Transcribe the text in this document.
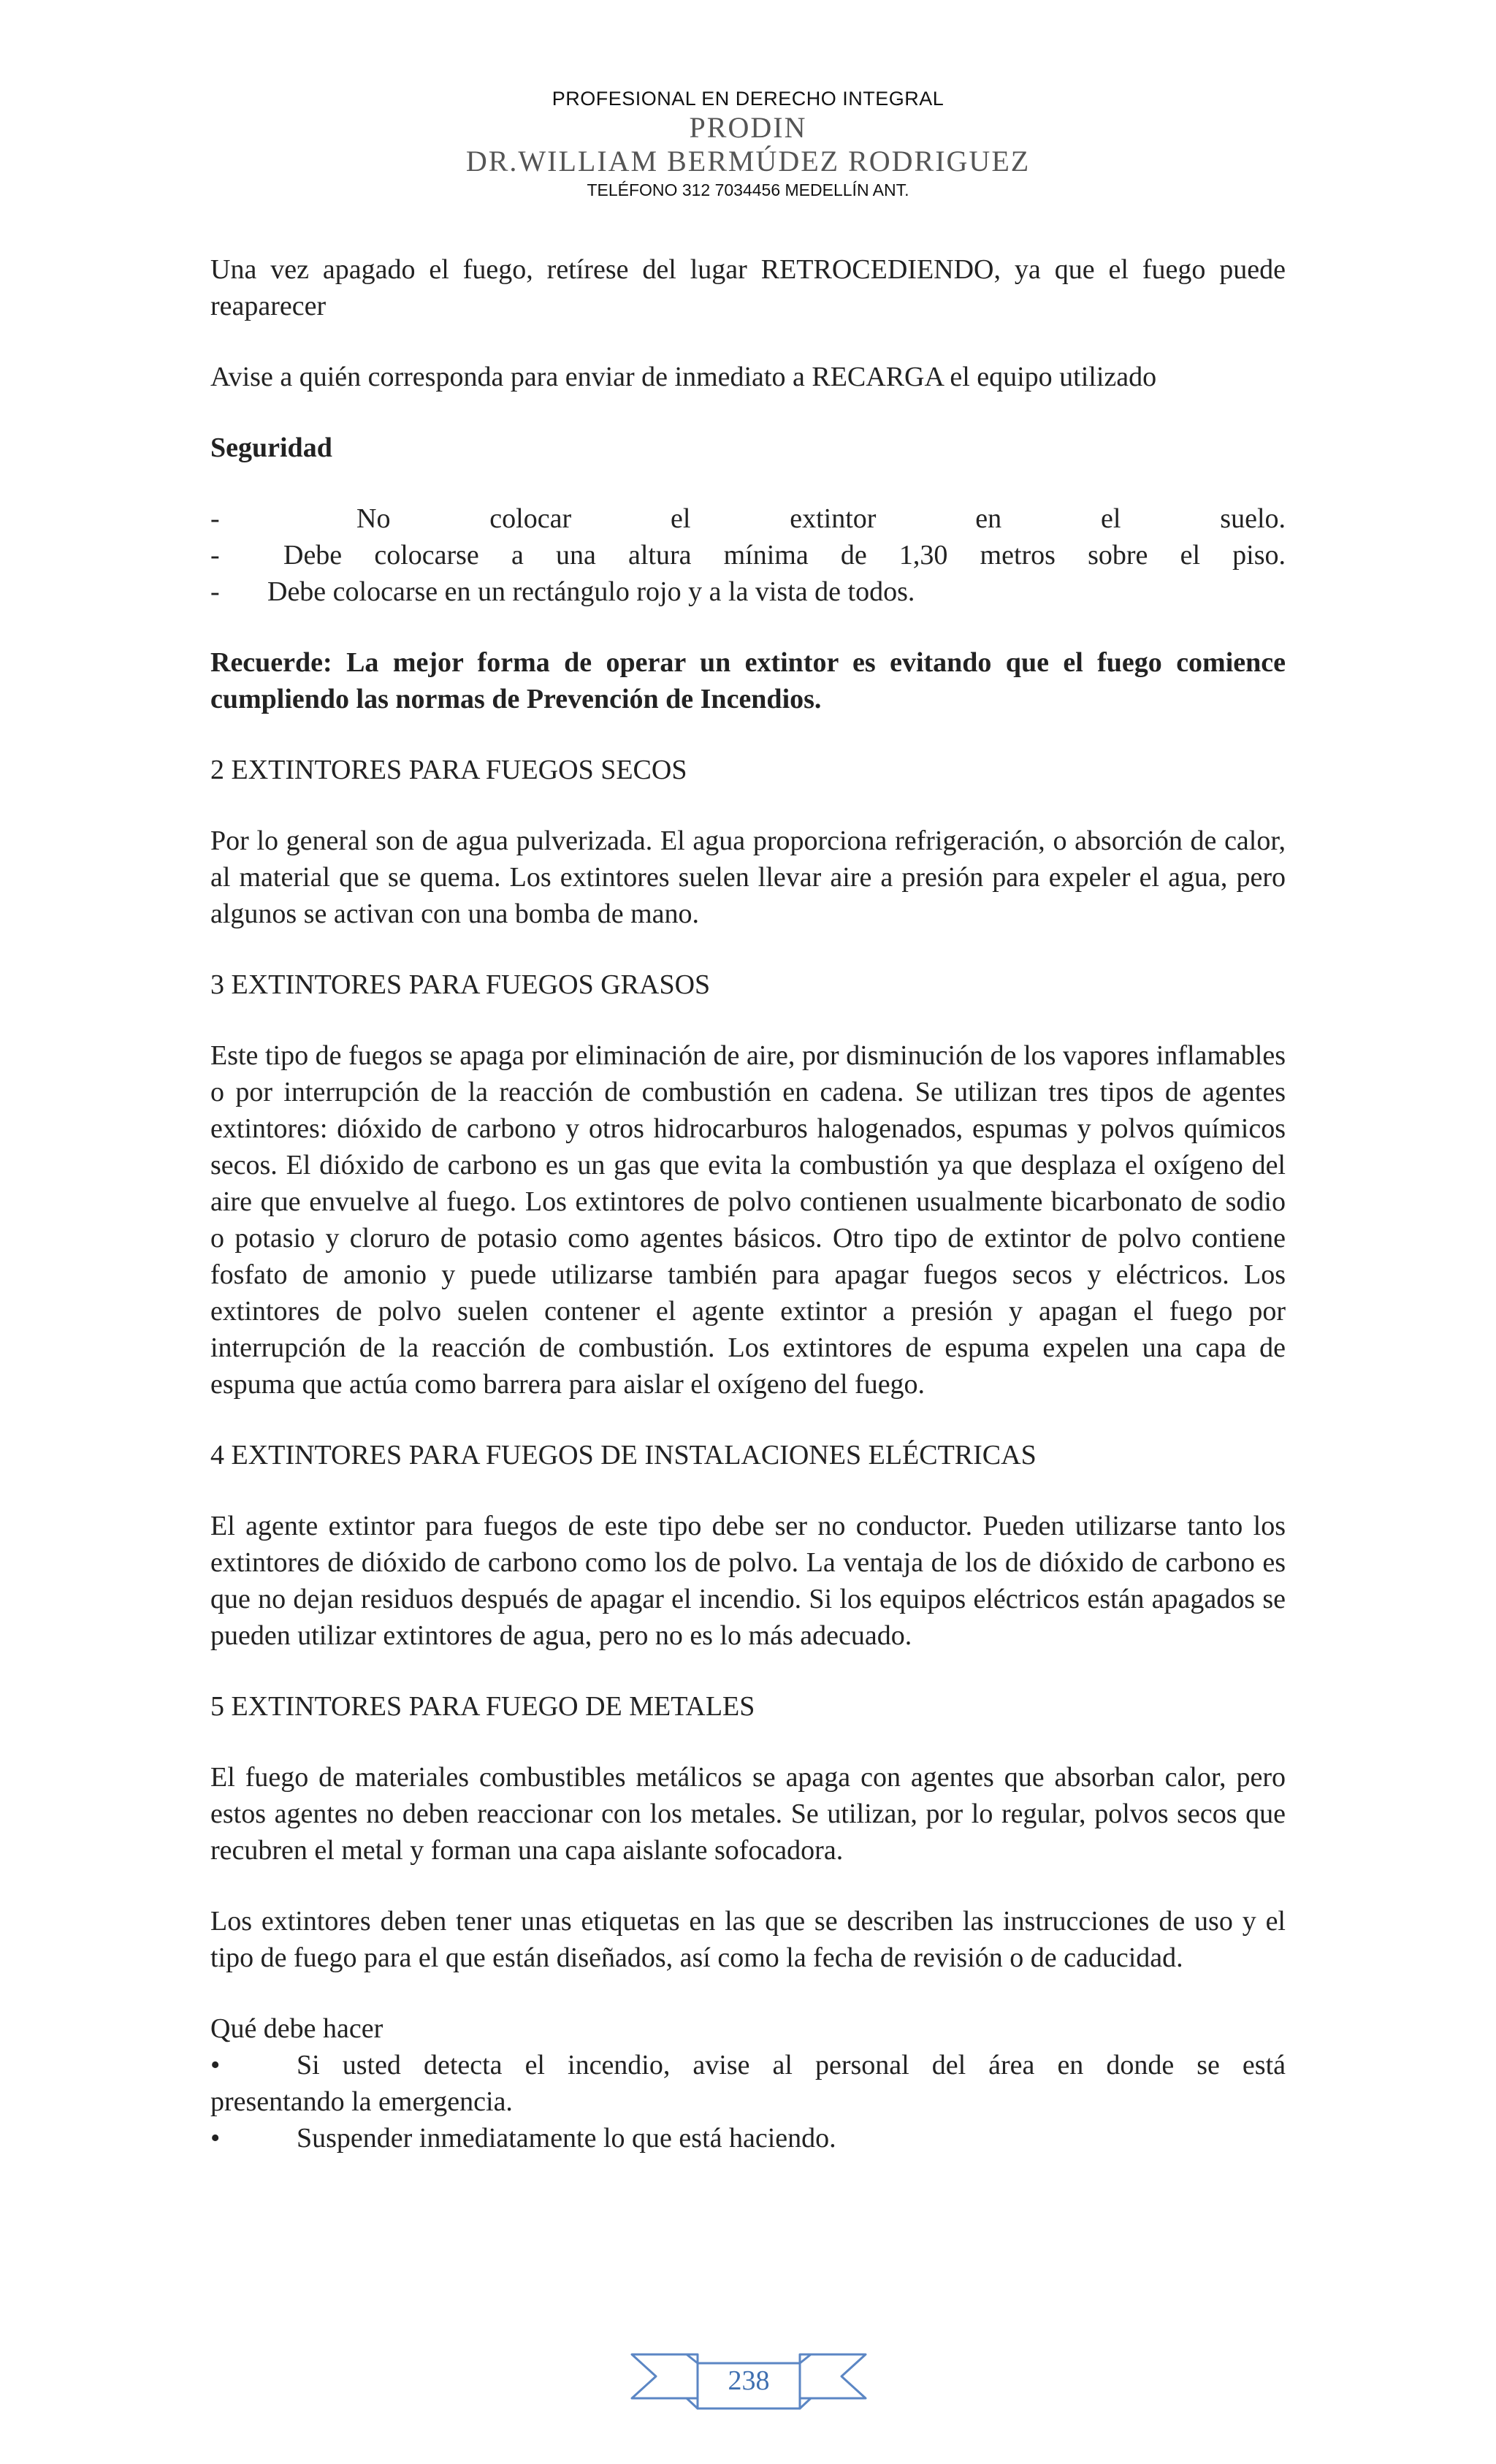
PROFESIONAL EN DERECHO INTEGRAL
PRODIN
DR.WILLIAM BERMÚDEZ RODRIGUEZ
TELÉFONO 312 7034456 MEDELLÍN ANT.

Una vez apagado el fuego, retírese del lugar RETROCEDIENDO, ya que el fuego puede reaparecer

Avise a quién corresponda para enviar de inmediato a RECARGA el equipo utilizado

Seguridad

-	No colocar el extintor en el suelo.
-	Debe colocarse a una altura mínima de 1,30 metros sobre el piso.
-	Debe colocarse en un rectángulo rojo y a la vista de todos.

Recuerde: La mejor forma de operar un extintor es evitando que el fuego comience cumpliendo las normas de Prevención de Incendios.

2 EXTINTORES PARA FUEGOS SECOS

Por lo general son de agua pulverizada. El agua proporciona refrigeración, o absorción de calor, al material que se quema. Los extintores suelen llevar aire a presión para expeler el agua, pero algunos se activan con una bomba de mano.

3 EXTINTORES PARA FUEGOS GRASOS

Este tipo de fuegos se apaga por eliminación de aire, por disminución de los vapores inflamables o por interrupción de la reacción de combustión en cadena. Se utilizan tres tipos de agentes extintores: dióxido de carbono y otros hidrocarburos halogenados, espumas y polvos químicos secos. El dióxido de carbono es un gas que evita la combustión ya que desplaza el oxígeno del aire que envuelve al fuego. Los extintores de polvo contienen usualmente bicarbonato de sodio o potasio y cloruro de potasio como agentes básicos. Otro tipo de extintor de polvo contiene fosfato de amonio y puede utilizarse también para apagar fuegos secos y eléctricos. Los extintores de polvo suelen contener el agente extintor a presión y apagan el fuego por interrupción de la reacción de combustión. Los extintores de espuma expelen una capa de espuma que actúa como barrera para aislar el oxígeno del fuego.

4 EXTINTORES PARA FUEGOS DE INSTALACIONES ELÉCTRICAS

El agente extintor para fuegos de este tipo debe ser no conductor. Pueden utilizarse tanto los extintores de dióxido de carbono como los de polvo. La ventaja de los de dióxido de carbono es que no dejan residuos después de apagar el incendio. Si los equipos eléctricos están apagados se pueden utilizar extintores de agua, pero no es lo más adecuado.

5 EXTINTORES PARA FUEGO DE METALES

El fuego de materiales combustibles metálicos se apaga con agentes que absorban calor, pero estos agentes no deben reaccionar con los metales. Se utilizan, por lo regular, polvos secos que recubren el metal y forman una capa aislante sofocadora.

Los extintores deben tener unas etiquetas en las que se describen las instrucciones de uso y el tipo de fuego para el que están diseñados, así como la fecha de revisión o de caducidad.

Qué debe hacer

•	Si usted detecta el incendio, avise al personal del área en donde se está
presentando la emergencia.
•	Suspender inmediatamente lo que está haciendo.
238
